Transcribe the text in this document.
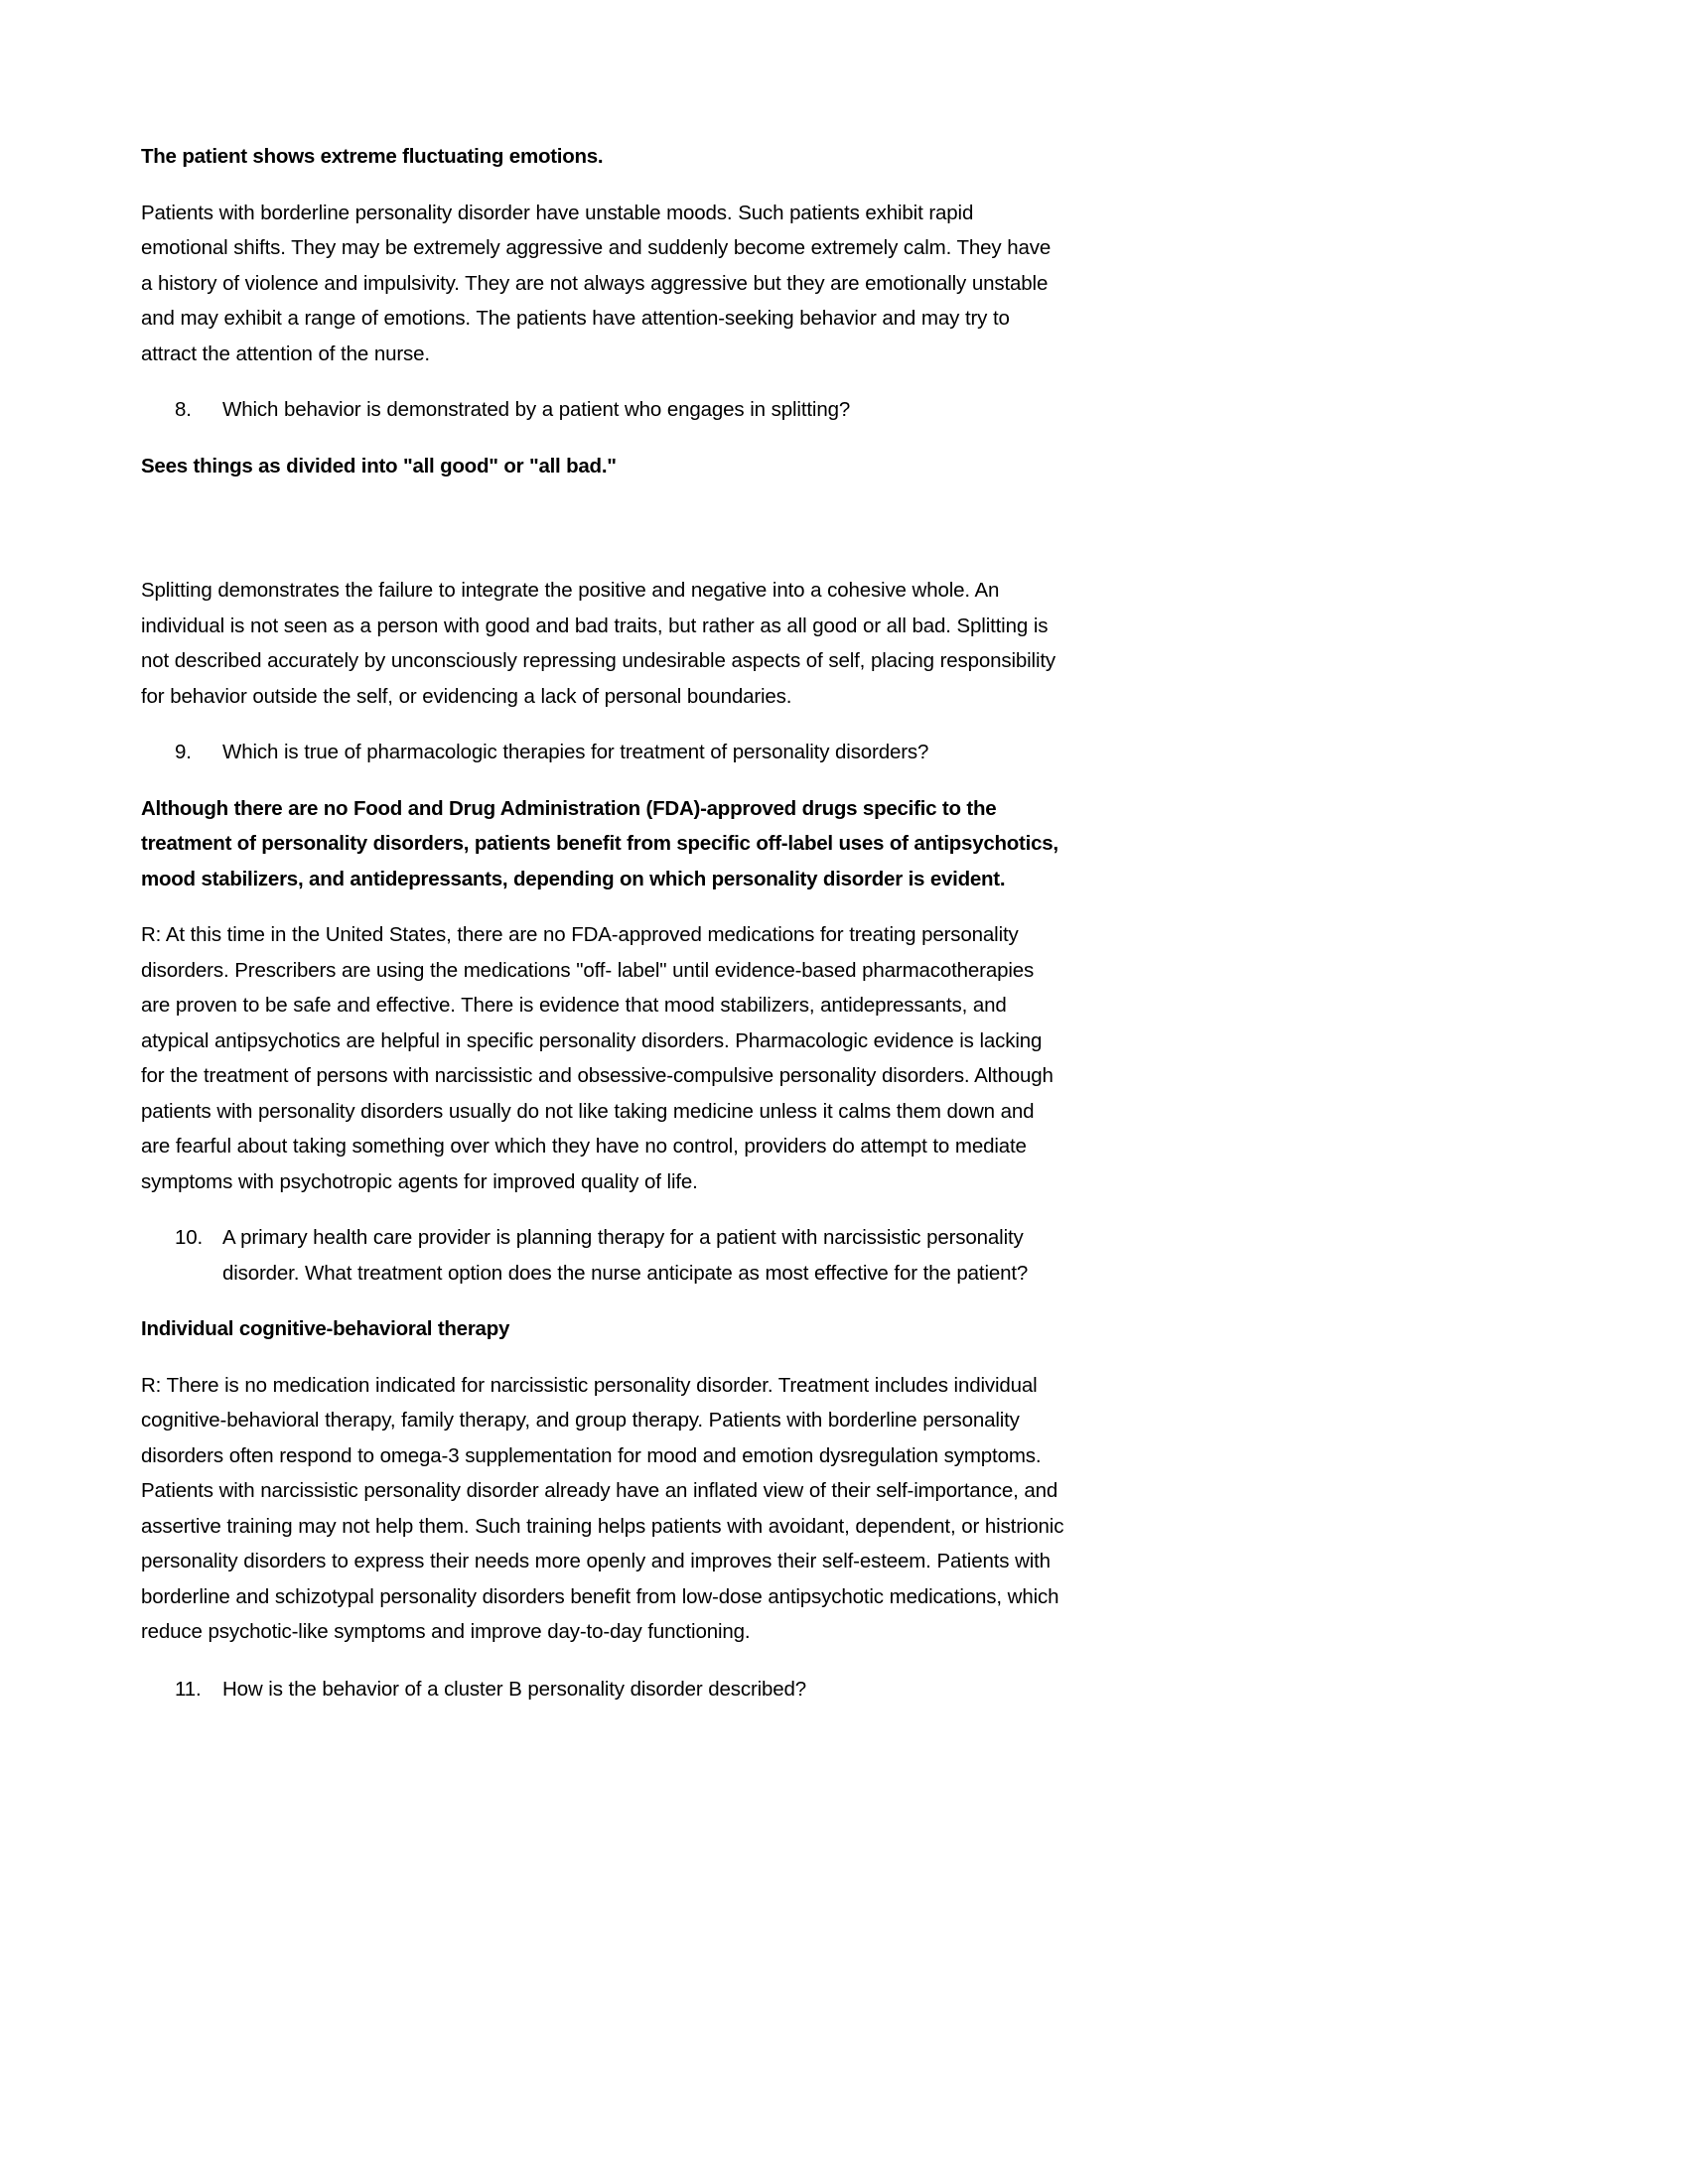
The patient shows extreme fluctuating emotions.

Patients with borderline personality disorder have unstable moods. Such patients exhibit rapid emotional shifts. They may be extremely aggressive and suddenly become extremely calm. They have a history of violence and impulsivity. They are not always aggressive but they are emotionally unstable and may exhibit a range of emotions. The patients have attention-seeking behavior and may try to attract the attention of the nurse.

8.	Which behavior is demonstrated by a patient who engages in splitting?

Sees things as divided into "all good" or "all bad."

Splitting demonstrates the failure to integrate the positive and negative into a cohesive whole. An individual is not seen as a person with good and bad traits, but rather as all good or all bad. Splitting is not described accurately by unconsciously repressing undesirable aspects of self, placing responsibility for behavior outside the self, or evidencing a lack of personal boundaries.

9.	Which is true of pharmacologic therapies for treatment of personality disorders?

Although there are no Food and Drug Administration (FDA)-approved drugs specific to the treatment of personality disorders, patients benefit from specific off-label uses of antipsychotics, mood stabilizers, and antidepressants, depending on which personality disorder is evident.

R: At this time in the United States, there are no FDA-approved medications for treating personality disorders. Prescribers are using the medications "off- label" until evidence-based pharmacotherapies are proven to be safe and effective. There is evidence that mood stabilizers, antidepressants, and atypical antipsychotics are helpful in specific personality disorders. Pharmacologic evidence is lacking for the treatment of persons with narcissistic and obsessive-compulsive personality disorders. Although patients with personality disorders usually do not like taking medicine unless it calms them down and are fearful about taking something over which they have no control, providers do attempt to mediate symptoms with psychotropic agents for improved quality of life.

10. A primary health care provider is planning therapy for a patient with narcissistic personality disorder. What treatment option does the nurse anticipate as most effective for the patient?

Individual cognitive-behavioral therapy

R: There is no medication indicated for narcissistic personality disorder. Treatment includes individual cognitive-behavioral therapy, family therapy, and group therapy. Patients with borderline personality disorders often respond to omega-3 supplementation for mood and emotion dysregulation symptoms. Patients with narcissistic personality disorder already have an inflated view of their self-importance, and assertive training may not help them. Such training helps patients with avoidant, dependent, or histrionic personality disorders to express their needs more openly and improves their self-esteem. Patients with borderline and schizotypal personality disorders benefit from low-dose antipsychotic medications, which reduce psychotic-like symptoms and improve day-to-day functioning.

11.	How is the behavior of a cluster B personality disorder described?
